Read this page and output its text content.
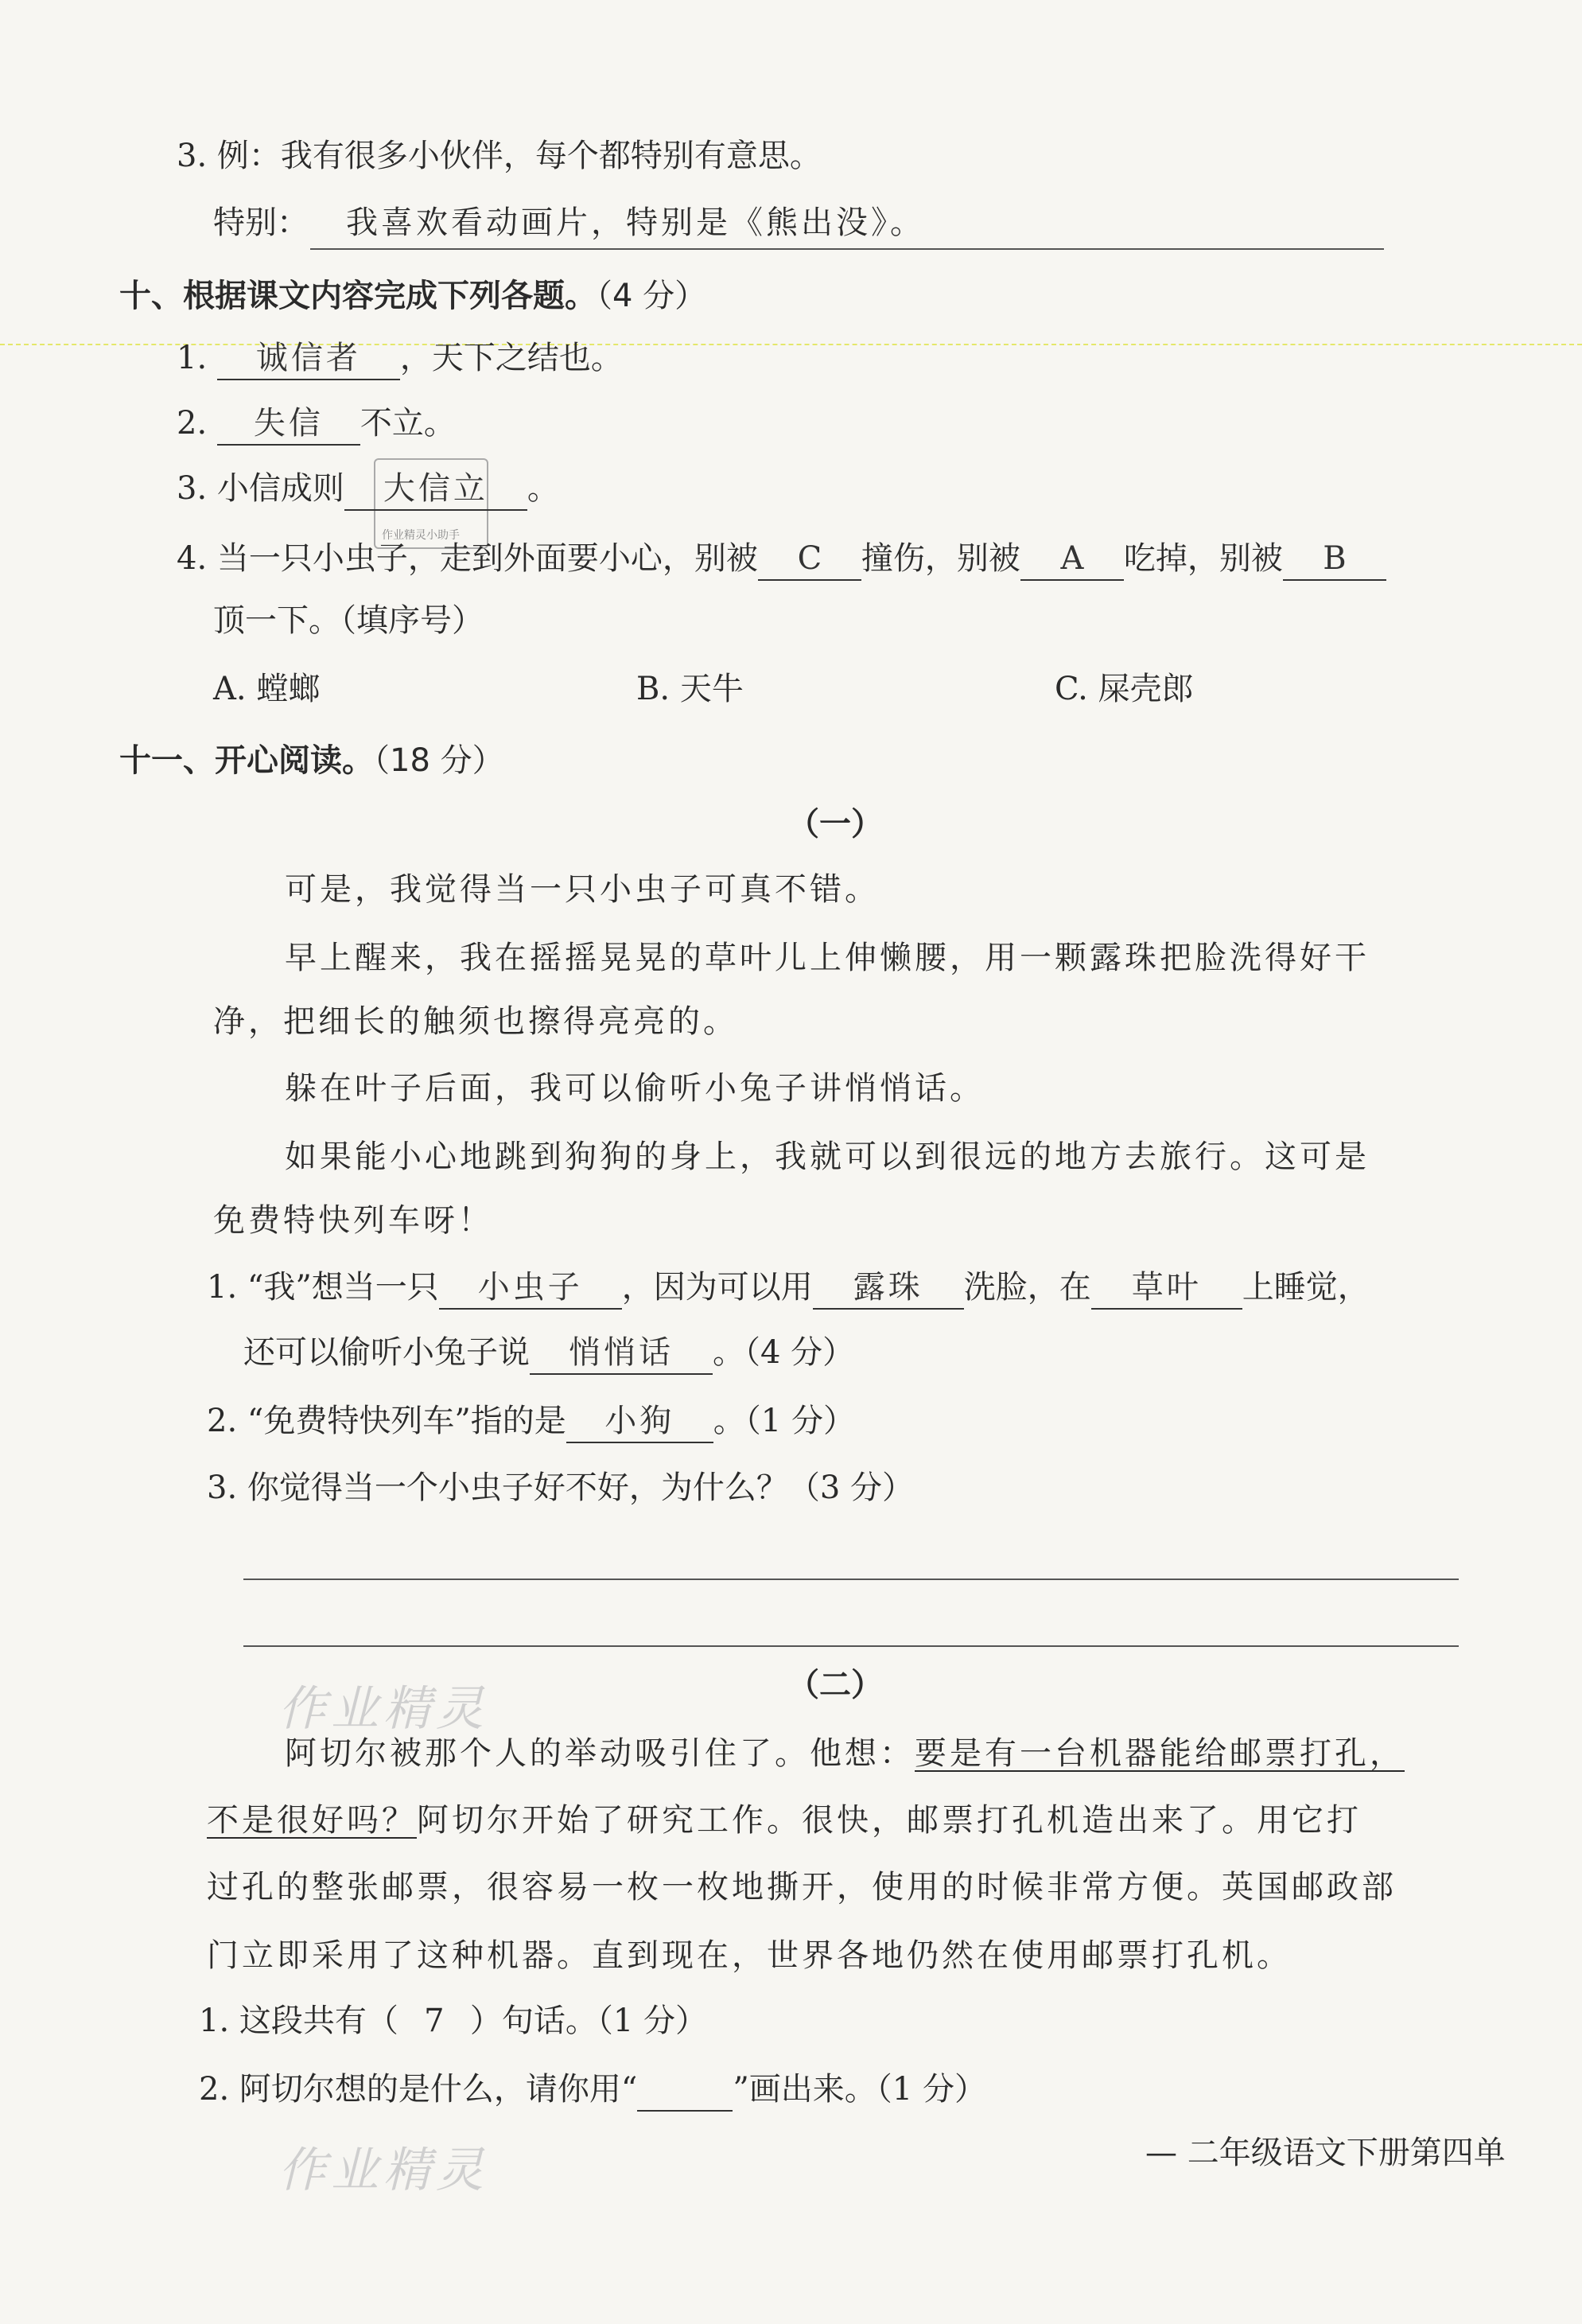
3. 例：我有很多小伙伴，每个都特别有意思。
特别： 我喜欢看动画片，特别是《熊出没》。
十、根据课文内容完成下列各题。（4 分）
1. 诚信者 ，天下之结也。
2. 失信 不立。
作业精灵小助手
3. 小信成则 大信立 。
4. 当一只小虫子，走到外面要小心，别被 C 撞伤，别被 A 吃掉，别被 B
顶一下。（填序号）
A. 螳螂	B. 天牛	C. 屎壳郎
十一、开心阅读。（18 分）
（一）
可是，我觉得当一只小虫子可真不错。
早上醒来，我在摇摇晃晃的草叶儿上伸懒腰，用一颗露珠把脸洗得好干
净，把细长的触须也擦得亮亮的。
躲在叶子后面，我可以偷听小兔子讲悄悄话。
如果能小心地跳到狗狗的身上，我就可以到很远的地方去旅行。这可是
免费特快列车呀！
1. “我”想当一只 小虫子 ，因为可以用 露珠 洗脸，在 草叶 上睡觉，
还可以偷听小兔子说 悄悄话 。（4 分）
2. “免费特快列车”指的是 小狗 。（1 分）
3. 你觉得当一个小虫子好不好，为什么？（3 分）
作业精灵	（二）
阿切尔被那个人的举动吸引住了。他想：要是有一台机器能给邮票打孔，
不是很好吗？阿切尔开始了研究工作。很快，邮票打孔机造出来了。用它打
过孔的整张邮票，很容易一枚一枚地撕开，使用的时候非常方便。英国邮政部
门立即采用了这种机器。直到现在，世界各地仍然在使用邮票打孔机。
1. 这段共有（ 7 ）句话。（1 分）
2. 阿切尔想的是什么，请你用“	”画出来。（1 分）
作业精灵	— 二年级语文下册第四单
